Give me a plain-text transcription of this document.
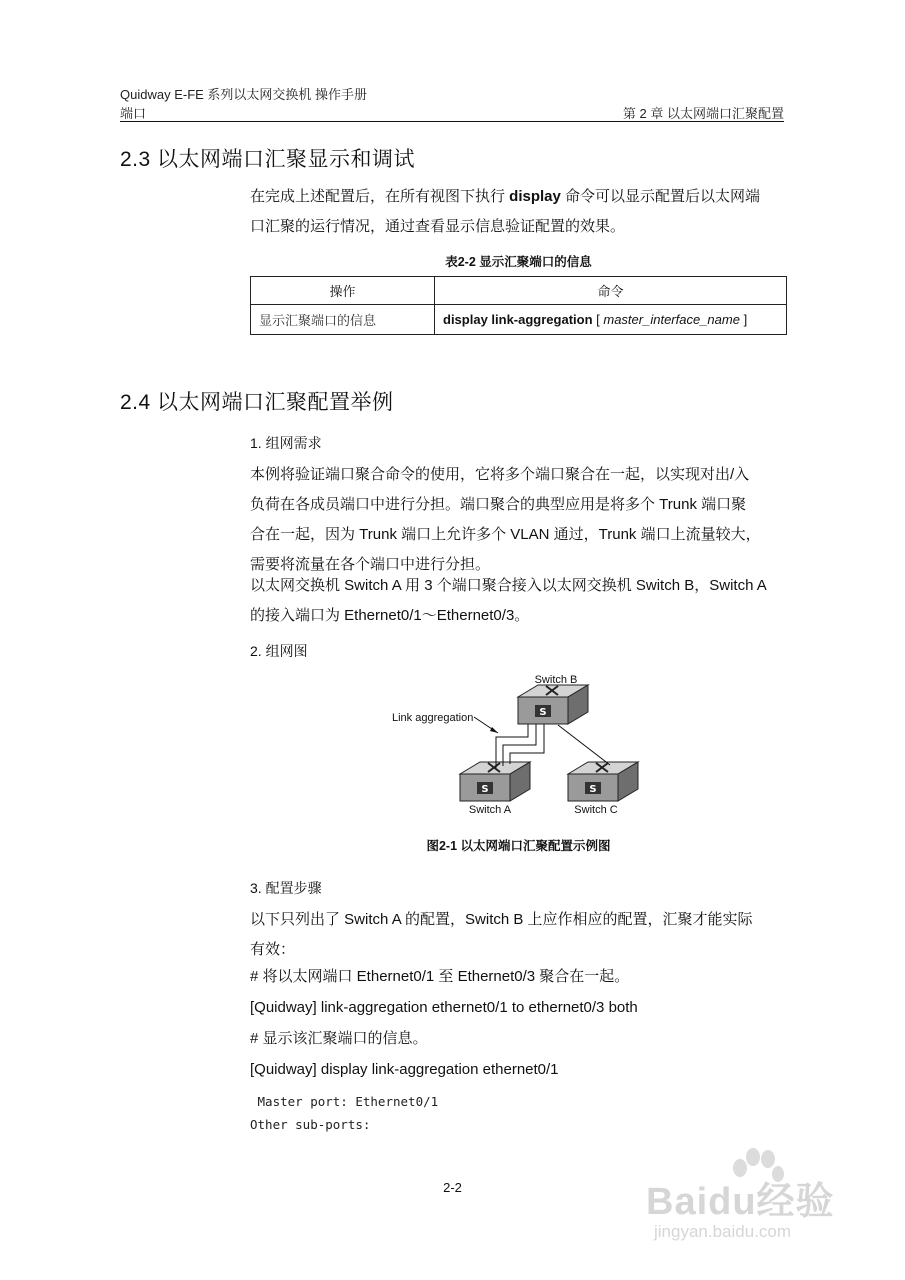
Quidway E-FE 系列以太网交换机 操作手册
端口	第 2 章 以太网端口汇聚配置
2.3 以太网端口汇聚显示和调试
在完成上述配置后，在所有视图下执行 display 命令可以显示配置后以太网端
口汇聚的运行情况，通过查看显示信息验证配置的效果。
表2-2 显示汇聚端口的信息
操作	命令
显示汇聚端口的信息	display link-aggregation [ master_interface_name ]
2.4 以太网端口汇聚配置举例
1. 组网需求
本例将验证端口聚合命令的使用，它将多个端口聚合在一起，以实现对出/入
负荷在各成员端口中进行分担。端口聚合的典型应用是将多个 Trunk 端口聚
合在一起，因为 Trunk 端口上允许多个 VLAN 通过，Trunk 端口上流量较大，
需要将流量在各个端口中进行分担。
以太网交换机 Switch A 用 3 个端口聚合接入以太网交换机 Switch B，Switch A
的接入端口为 Ethernet0/1～Ethernet0/3。
2. 组网图
S
Switch B
S
Switch A
S
Switch C
Link aggregation
图2-1 以太网端口汇聚配置示例图
3. 配置步骤
以下只列出了 Switch A 的配置，Switch B 上应作相应的配置，汇聚才能实际
有效：
# 将以太网端口 Ethernet0/1 至 Ethernet0/3 聚合在一起。
[Quidway] link-aggregation ethernet0/1 to ethernet0/3 both
# 显示该汇聚端口的信息。
[Quidway] display link-aggregation ethernet0/1
Master port: Ethernet0/1
Other sub-ports:
2-2	Baidu经验
jingyan.baidu.com
